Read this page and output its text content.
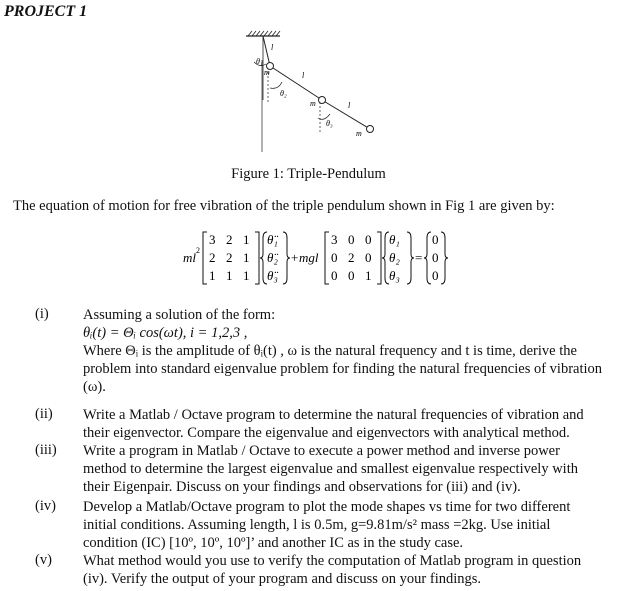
PROJECT 1
θ₁
m
θ₂
m
θ₃
m
l
l
l
Figure 1: Triple-Pendulum
The equation of motion for free vibration of the triple pendulum shown in Fig 1 are given by:
ml 2
3 2 1
2 2 1
1 1 1
θ̈₁
θ̈₂
θ̈₃
+ mgl
3 0 0
0 2 0
0 0 1
θ₁
θ₂
θ₃
=
0
0
0
(i) Assuming a solution of the form:
θᵢ(t) = Θᵢ cos(ωt), i = 1,2,3 ,
Where Θᵢ is the amplitude of θᵢ(t) , ω is the natural frequency and t is time, derive the
problem into standard eigenvalue problem for finding the natural frequencies of vibration
(ω).
(ii) Write a Matlab / Octave program to determine the natural frequencies of vibration and
their eigenvector. Compare the eigenvalue and eigenvectors with analytical method.
(iii) Write a program in Matlab / Octave to execute a power method and inverse power
method to determine the largest eigenvalue and smallest eigenvalue respectively with
their Eigenpair. Discuss on your findings and observations for (iii) and (iv).
(iv) Develop a Matlab/Octave program to plot the mode shapes vs time for two different
initial conditions. Assuming length, l is 0.5m, g=9.81m/s² mass =2kg. Use initial
condition (IC) [10º, 10º, 10º]’ and another IC as in the study case.
(v) What method would you use to verify the computation of Matlab program in question
(iv). Verify the output of your program and discuss on your findings.
